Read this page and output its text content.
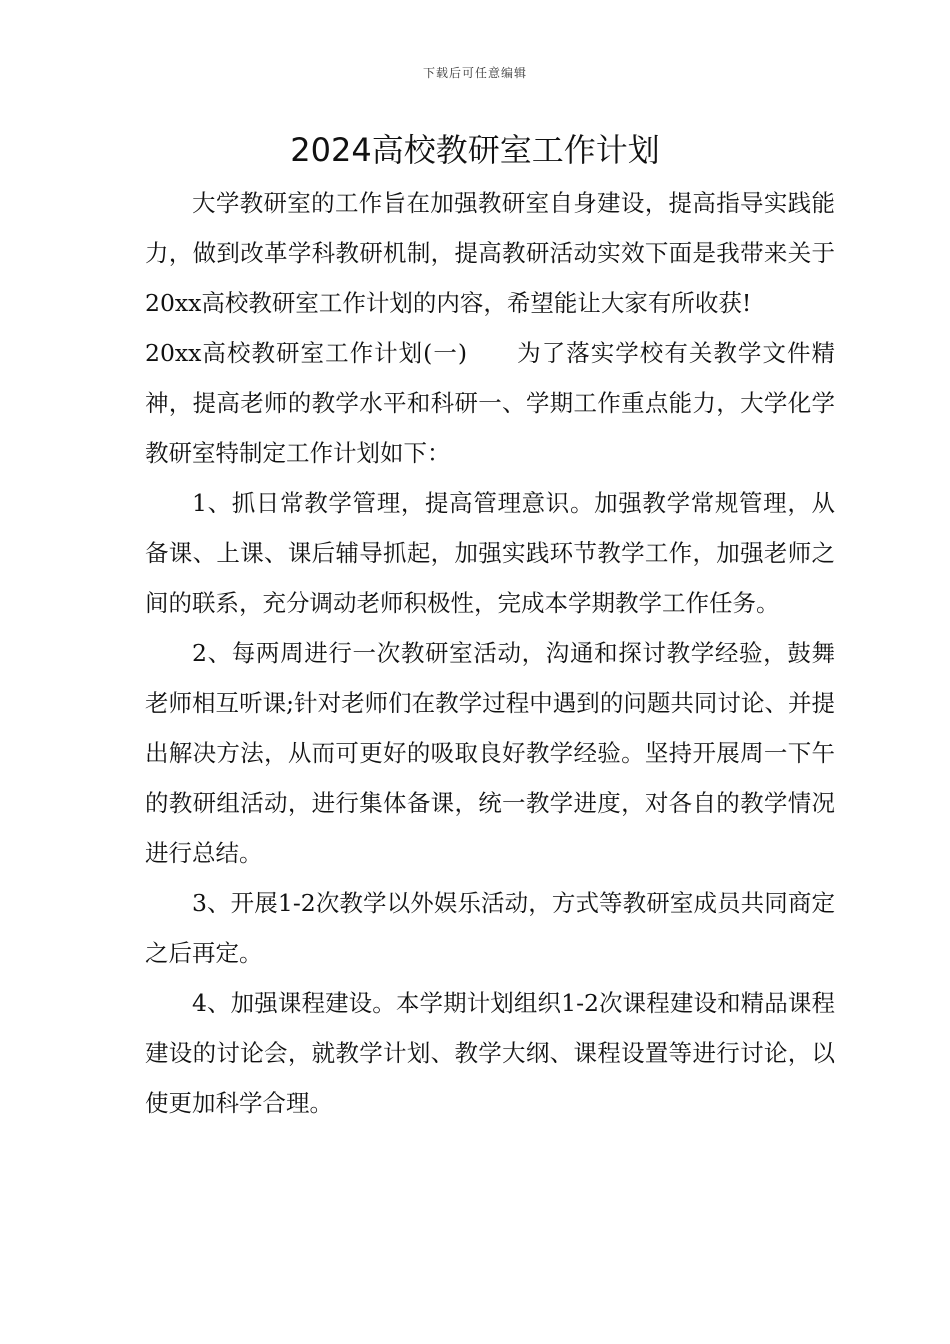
下载后可任意编辑
2024高校教研室工作计划

大学教研室的工作旨在加强教研室自身建设，提高指导实践能力，做到改革学科教研机制，提高教研活动实效下面是我带来关于20xx高校教研室工作计划的内容，希望能让大家有所收获!

20xx高校教研室工作计划(一)　　为了落实学校有关教学文件精神，提高老师的教学水平和科研一、学期工作重点能力，大学化学教研室特制定工作计划如下：

1、抓日常教学管理，提高管理意识。加强教学常规管理，从备课、上课、课后辅导抓起，加强实践环节教学工作，加强老师之间的联系，充分调动老师积极性，完成本学期教学工作任务。

2、每两周进行一次教研室活动，沟通和探讨教学经验，鼓舞老师相互听课;针对老师们在教学过程中遇到的问题共同讨论、并提出解决方法，从而可更好的吸取良好教学经验。坚持开展周一下午的教研组活动，进行集体备课，统一教学进度，对各自的教学情况进行总结。

3、开展1-2次教学以外娱乐活动，方式等教研室成员共同商定之后再定。

4、加强课程建设。本学期计划组织1-2次课程建设和精品课程建设的讨论会，就教学计划、教学大纲、课程设置等进行讨论，以使更加科学合理。
